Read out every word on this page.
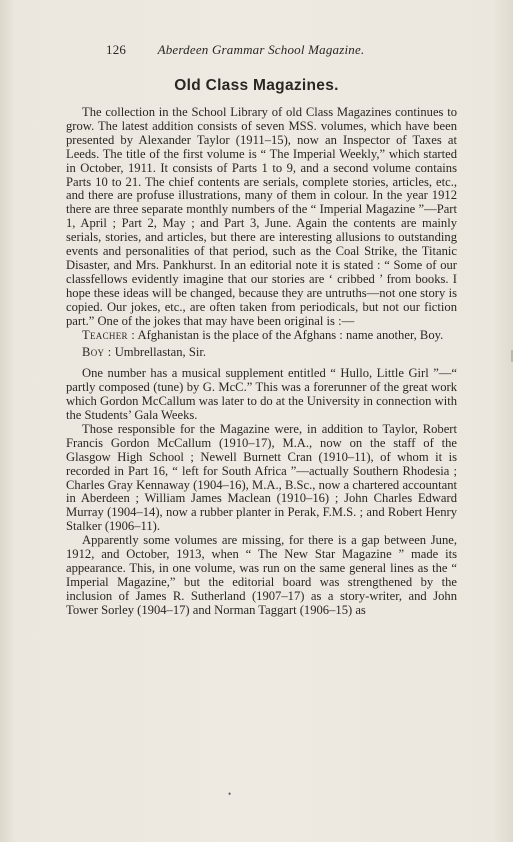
126 Aberdeen Grammar School Magazine.
Old Class Magazines.

The collection in the School Library of old Class Magazines continues to grow. The latest addition consists of seven MSS. volumes, which have been presented by Alexander Taylor (1911–15), now an Inspector of Taxes at Leeds. The title of the first volume is “ The Imperial Weekly,” which started in October, 1911. It consists of Parts 1 to 9, and a second volume contains Parts 10 to 21. The chief contents are serials, complete stories, articles, etc., and there are profuse illustrations, many of them in colour. In the year 1912 there are three separate monthly numbers of the “ Imperial Magazine ”—Part 1, April ; Part 2, May ; and Part 3, June. Again the contents are mainly serials, stories, and articles, but there are interesting allusions to outstanding events and personalities of that period, such as the Coal Strike, the Titanic Disaster, and Mrs. Pankhurst. In an editorial note it is stated : “ Some of our classfellows evidently imagine that our stories are ‘ cribbed ’ from books. I hope these ideas will be changed, because they are untruths—not one story is copied. Our jokes, etc., are often taken from periodicals, but not our fiction part.” One of the jokes that may have been original is :—

Teacher : Afghanistan is the place of the Afghans : name another, Boy.

Boy : Umbrellastan, Sir.

One number has a musical supplement entitled “ Hullo, Little Girl ”—“ partly composed (tune) by G. McC.” This was a forerunner of the great work which Gordon McCallum was later to do at the University in connection with the Students’ Gala Weeks.

Those responsible for the Magazine were, in addition to Taylor, Robert Francis Gordon McCallum (1910–17), M.A., now on the staff of the Glasgow High School ; Newell Burnett Cran (1910–11), of whom it is recorded in Part 16, “ left for South Africa ”—actually Southern Rhodesia ; Charles Gray Kennaway (1904–16), M.A., B.Sc., now a chartered accountant in Aberdeen ; William James Maclean (1910–16) ; John Charles Edward Murray (1904–14), now a rubber planter in Perak, F.M.S. ; and Robert Henry Stalker (1906–11).

Apparently some volumes are missing, for there is a gap between June, 1912, and October, 1913, when “ The New Star Magazine ” made its appearance. This, in one volume, was run on the same general lines as the “ Imperial Magazine,” but the editorial board was strengthened by the inclusion of James R. Sutherland (1907–17) as a story-writer, and John Tower Sorley (1904–17) and Norman Taggart (1906–15) as

•
